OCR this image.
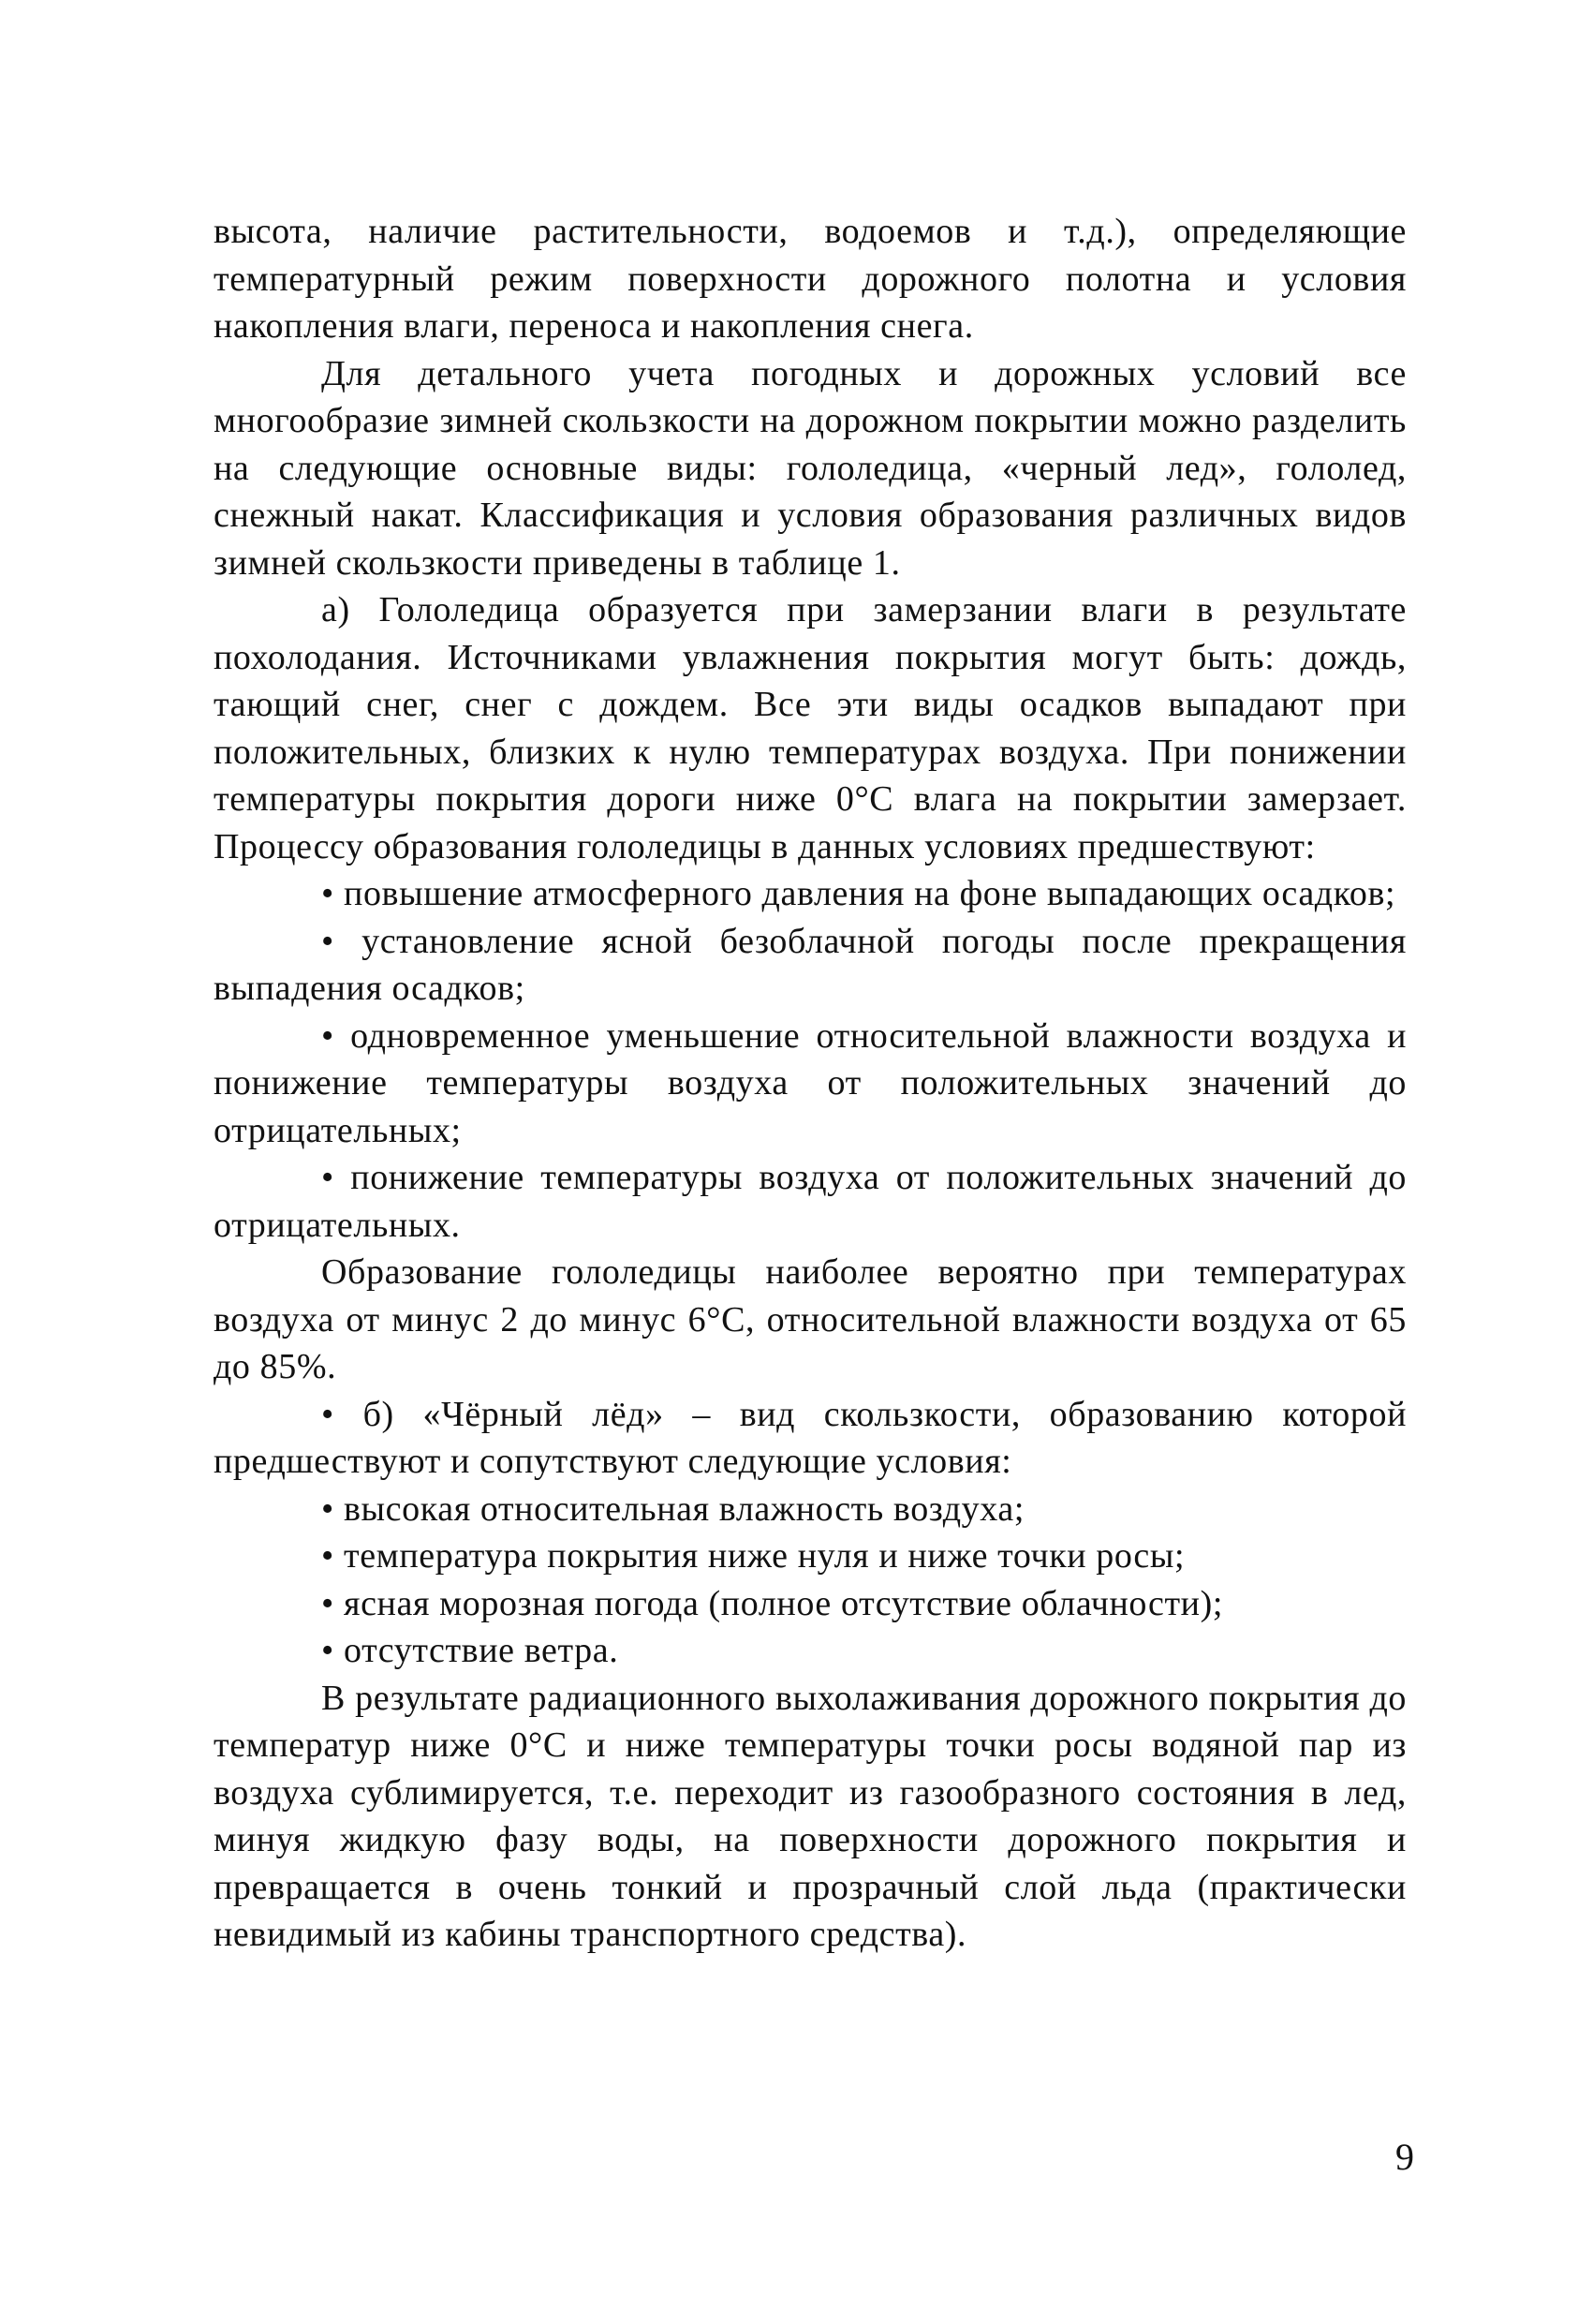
высота, наличие растительности, водоемов и т.д.), определяющие температурный режим поверхности дорожного полотна и условия накопления влаги, переноса и накопления снега.

Для детального учета погодных и дорожных условий все многообразие зимней скользкости на дорожном покрытии можно разделить на следующие основные виды: гололедица, «черный лед», гололед, снежный накат. Классификация и условия образования различных видов зимней скользкости приведены в таблице 1.

а) Гололедица образуется при замерзании влаги в результате похолодания. Источниками увлажнения покрытия могут быть: дождь, тающий снег, снег с дождем. Все эти виды осадков выпадают при положительных, близких к нулю температурах воздуха. При понижении температуры покрытия дороги ниже 0°С влага на покрытии замерзает. Процессу образования гололедицы в данных условиях предшествуют:

• повышение атмосферного давления на фоне выпадающих осадков;

• установление ясной безоблачной погоды после прекращения выпадения осадков;

• одновременное уменьшение относительной влажности воздуха и понижение температуры воздуха от положительных значений до отрицательных;

• понижение температуры воздуха от положительных значений до отрицательных.

Образование гололедицы наиболее вероятно при температурах воздуха от минус 2 до минус 6°С, относительной влажности воздуха от 65 до 85%.

• б) «Чёрный лёд» – вид скользкости, образованию которой предшествуют и сопутствуют следующие условия:

• высокая относительная влажность воздуха;

• температура покрытия ниже нуля и ниже точки росы;

• ясная морозная погода (полное отсутствие облачности);

• отсутствие ветра.

В результате радиационного выхолаживания дорожного покрытия до температур ниже 0°С и ниже температуры точки росы водяной пар из воздуха сублимируется, т.е. переходит из газообразного состояния в лед, минуя жидкую фазу воды, на поверхности дорожного покрытия и превращается в очень тонкий и прозрачный слой льда (практически невидимый из кабины транспортного средства).

9
